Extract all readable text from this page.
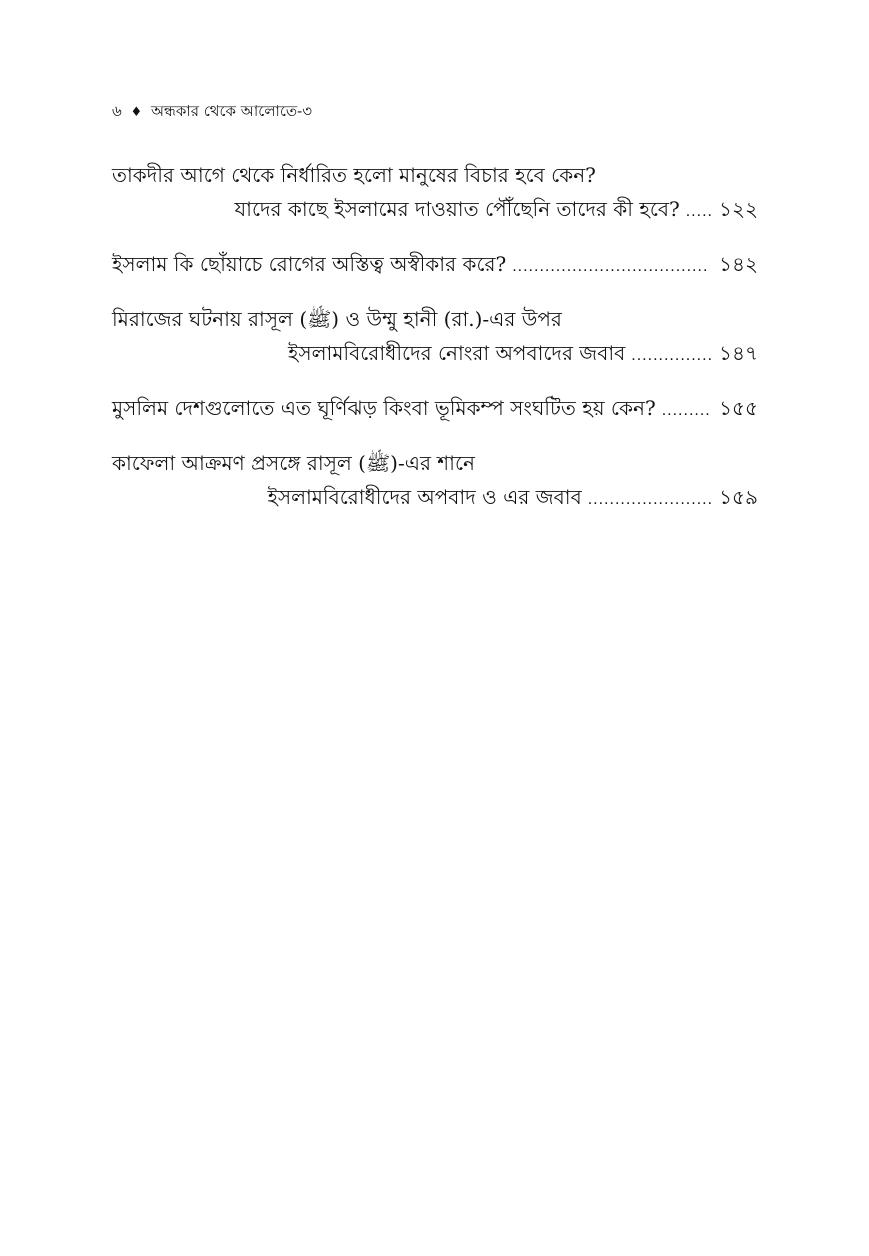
৬ ♦ অন্ধকার থেকে আলোতে-৩
তাকদীর আগে থেকে নির্ধারিত হলো মানুষের বিচার হবে কেন?
যাদের কাছে ইসলামের দাওয়াত পৌঁছেনি তাদের কী হবে? ..... ১২২
ইসলাম কি ছোঁয়াচে রোগের অস্তিত্ব অস্বীকার করে? .................................... ১৪২
মিরাজের ঘটনায় রাসূল (ﷺ) ও উম্মু হানী (রা.)-এর উপর
ইসলামবিরোধীদের নোংরা অপবাদের জবাব ............... ১৪৭
মুসলিম দেশগুলোতে এত ঘূর্ণিঝড় কিংবা ভূমিকম্প সংঘটিত হয় কেন? ......... ১৫৫
কাফেলা আক্রমণ প্রসঙ্গে রাসূল (ﷺ)-এর শানে
ইসলামবিরোধীদের অপবাদ ও এর জবাব ....................... ১৫৯
